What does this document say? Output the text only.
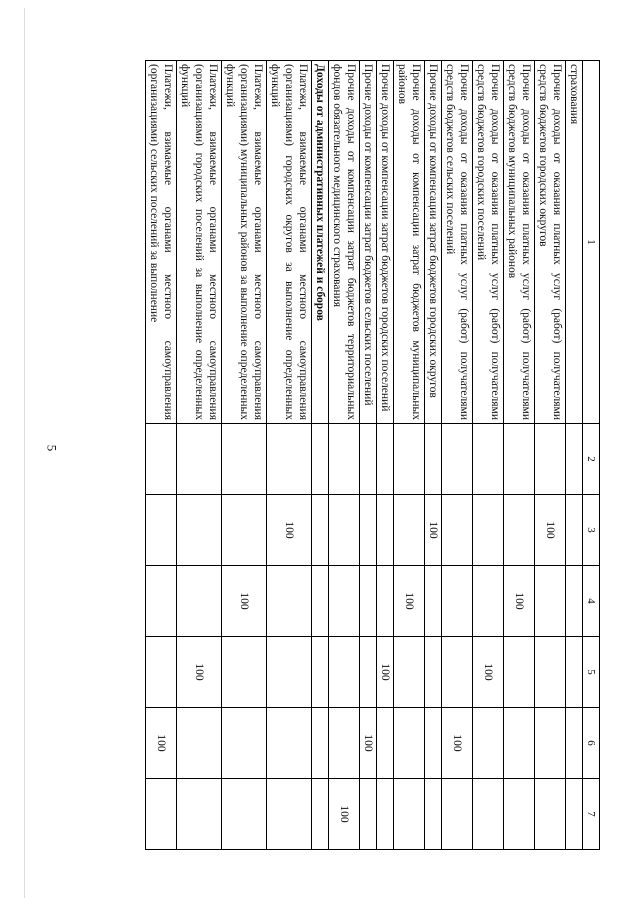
5
1	2	3	4	5	6	7
страхования						
Прочие доходы от оказания платных услуг (работ) получателями средств бюджетов городских округов		100				
Прочие доходы от оказания платных услуг (работ) получателями средств бюджетов муниципальных районов			100			
Прочие доходы от оказания платных услуг (работ) получателями средств бюджетов городских поселений				100		
Прочие доходы от оказания платных услуг (работ) получателями средств бюджетов сельских поселений					100	
Прочие доходы от компенсации затрат бюджетов городских округов		100				
Прочие доходы от компенсации затрат бюджетов муниципальных районов			100			
Прочие доходы от компенсации затрат бюджетов городских поселений				100		
Прочие доходы от компенсации затрат бюджетов сельских поселений					100	
Прочие доходы от компенсации затрат бюджетов территориальных фондов обязательного медицинского страхования						100
Доходы от административных платежей и сборов						
Платежи, взимаемые органами местного самоуправления (организациями) городских округов за выполнение определенных функций		100				
Платежи, взимаемые органами местного самоуправления (организациями) муниципальных районов за выполнение определенных функций			100			
Платежи, взимаемые органами местного самоуправления (организациями) городских поселений за выполнение определенных функций				100		
Платежи, взимаемые органами местного самоуправления (организациями) сельских поселений за выполнение					100	
